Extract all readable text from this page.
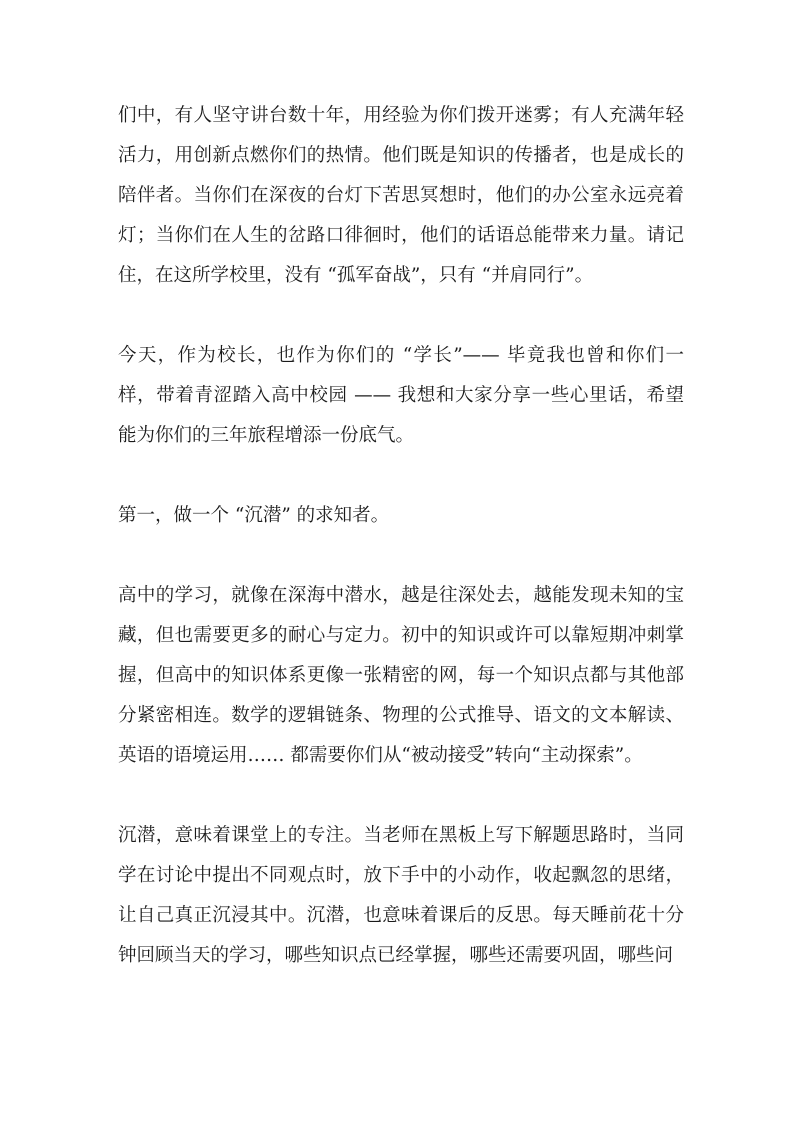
们中，有人坚守讲台数十年，用经验为你们拨开迷雾；有人充满年轻活力，用创新点燃你们的热情。他们既是知识的传播者，也是成长的陪伴者。当你们在深夜的台灯下苦思冥想时，他们的办公室永远亮着灯；当你们在人生的岔路口徘徊时，他们的话语总能带来力量。请记住，在这所学校里，没有 “孤军奋战”，只有 “并肩同行”。

今天，作为校长，也作为你们的 “学长”—— 毕竟我也曾和你们一样，带着青涩踏入高中校园 —— 我想和大家分享一些心里话，希望能为你们的三年旅程增添一份底气。

第一，做一个 “沉潜” 的求知者。

高中的学习，就像在深海中潜水，越是往深处去，越能发现未知的宝藏，但也需要更多的耐心与定力。初中的知识或许可以靠短期冲刺掌握，但高中的知识体系更像一张精密的网，每一个知识点都与其他部分紧密相连。数学的逻辑链条、物理的公式推导、语文的文本解读、英语的语境运用…… 都需要你们从“被动接受”转向“主动探索”。

沉潜，意味着课堂上的专注。当老师在黑板上写下解题思路时，当同学在讨论中提出不同观点时，放下手中的小动作，收起飘忽的思绪，让自己真正沉浸其中。沉潜，也意味着课后的反思。每天睡前花十分钟回顾当天的学习，哪些知识点已经掌握，哪些还需要巩固，哪些问
